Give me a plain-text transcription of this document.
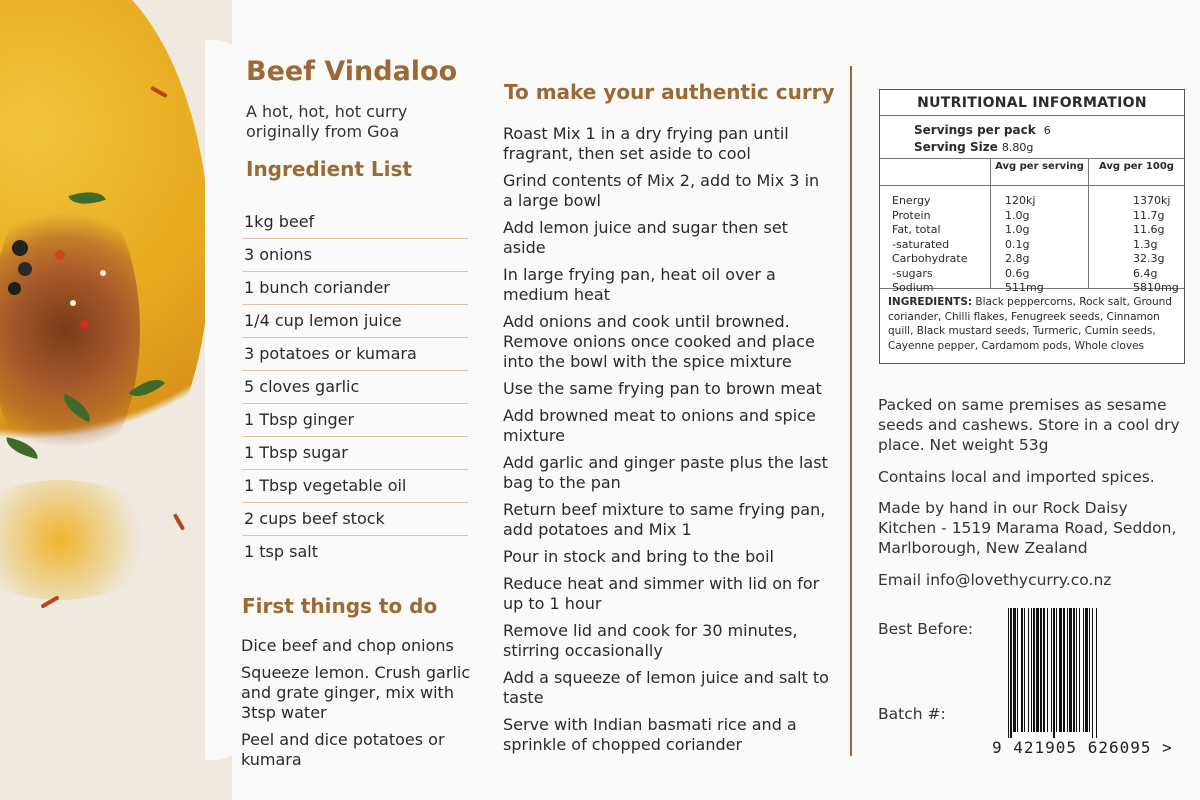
Beef Vindaloo
A hot, hot, hot curry originally from Goa
Ingredient List
1kg beef
3 onions
1 bunch coriander
1/4 cup lemon juice
3 potatoes or kumara
5 cloves garlic
1 Tbsp ginger
1 Tbsp sugar
1 Tbsp vegetable oil
2 cups beef stock
1 tsp salt
First things to do
Dice beef and chop onions
Squeeze lemon. Crush garlic and grate ginger, mix with 3tsp water
Peel and dice potatoes or kumara
To make your authentic curry
Roast Mix 1 in a dry frying pan until fragrant, then set aside to cool
Grind contents of Mix 2, add to Mix 3 in a large bowl
Add lemon juice and sugar then set aside
In large frying pan, heat oil over a medium heat
Add onions and cook until browned. Remove onions once cooked and place into the bowl with the spice mixture
Use the same frying pan to brown meat
Add browned meat to onions and spice mixture
Add garlic and ginger paste plus the last bag to the pan
Return beef mixture to same frying pan, add potatoes and Mix 1
Pour in stock and bring to the boil
Reduce heat and simmer with lid on for up to 1 hour
Remove lid and cook for 30 minutes, stirring occasionally
Add a squeeze of lemon juice and salt to taste
Serve with Indian basmati rice and a sprinkle of chopped coriander
NUTRITIONAL INFORMATION
Servings per pack 6
Serving Size 8.80g
Avg per serving	Avg per 100g
Energy
Protein
Fat, total
-saturated
Carbohydrate
-sugars
Sodium
120kj
1.0g
1.0g
0.1g
2.8g
0.6g
511mg
1370kj
11.7g
11.6g
1.3g
32.3g
6.4g
5810mg
INGREDIENTS: Black peppercorns, Rock salt, Ground coriander, Chilli flakes, Fenugreek seeds, Cinnamon quill, Black mustard seeds, Turmeric, Cumin seeds, Cayenne pepper, Cardamom pods, Whole cloves

Packed on same premises as sesame seeds and cashews. Store in a cool dry place. Net weight 53g

Contains local and imported spices.

Made by hand in our Rock Daisy Kitchen - 1519 Marama Road, Seddon, Marlborough, New Zealand

Email info@lovethycurry.co.nz

Best Before:

Batch #:

9 421905 626095 >
